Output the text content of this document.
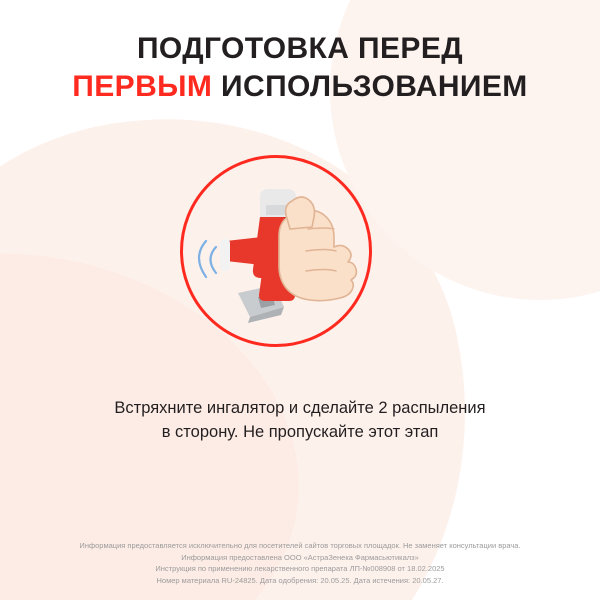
ПОДГОТОВКА ПЕРЕД
ПЕРВЫМ ИСПОЛЬЗОВАНИЕМ
Встряхните ингалятор и сделайте 2 распыления
в сторону. Не пропускайте этот этап
Информация предоставляется исключительно для посетителей сайтов торговых площадок. Не заменяет консультации врача.
Информация предоставлена ООО «АстраЗенека Фармасьютикалз»
Инструкция по применению лекарственного препарата ЛП-№008908 от 18.02.2025
Номер материала RU-24825. Дата одобрения: 20.05.25. Дата истечения: 20.05.27.
